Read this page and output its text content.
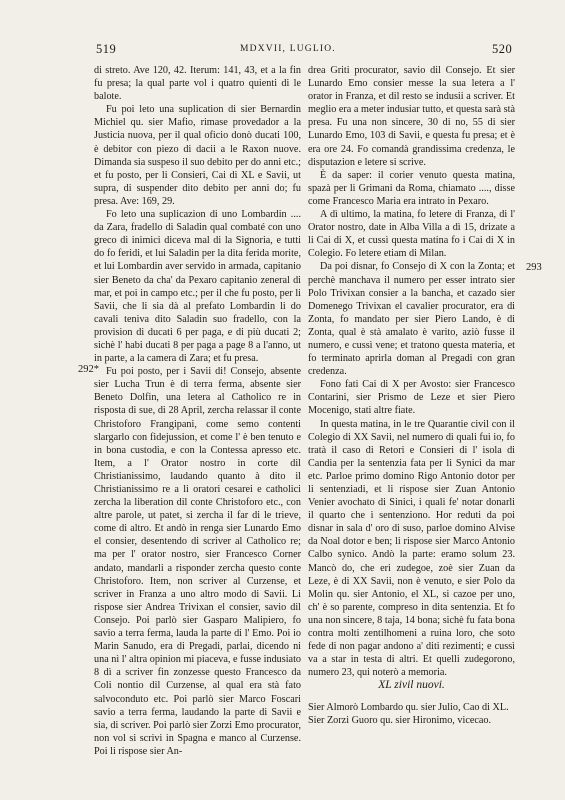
519	MDXVII, LUGLIO.	520
292*
293

di streto. Ave 120, 42. Iterum: 141, 43, et a la fin fu presa; la qual parte vol i quatro quienti di le balote.

Fu poi leto una suplication di sier Bernardin Michiel qu. sier Mafio, rimase provedador a la Justicia nuova, per il qual oficio donò ducati 100, è debitor con piezo di dacii a le Raxon nuove. Dimanda sia suspeso il suo debito per do anni etc.; et fu posto, per li Consieri, Cai di XL e Savii, ut supra, di suspender dito debito per anni do; fu presa. Ave: 169, 29.

Fo leto una suplicazion di uno Lombardin .... da Zara, fradello di Saladin qual combaté con uno greco di inimici diceva mal di la Signoria, e tutti do fo feridi, et lui Saladin per la dita ferida morite, et lui Lombardin aver servido in armada, capitanio sier Beneto da cha' da Pexaro capitanio zeneral di mar, et poi in campo etc.; per il che fu posto, per li Savii, che li sia dà al prefato Lombardin li do cavali teniva dito Saladin suo fradello, con la provision di ducati 6 per paga, e di più ducati 2; sichè l' habi ducati 8 per paga a page 8 a l'anno, ut in parte, a la camera di Zara; et fu presa.

Fu poi posto, per i Savii di! Consejo, absente sier Lucha Trun è di terra ferma, absente sier Beneto Dolfin, una letera al Catholico re in risposta di sue, di 28 April, zercha relassar il conte Christoforo Frangipani, come semo contenti slargarlo con fidejussion, et come l' è ben tenuto e in bona custodia, e con la Contessa apresso etc. Item, a l' Orator nostro in corte dil Christianissimo, laudando quanto à dito il Christianissimo re a li oratori cesarei e catholici zercha la liberation dil conte Christoforo etc., con altre parole, ut patet, si zercha il far di le trieve, come di altro. Et andò in renga sier Lunardo Emo el consier, desentendo di scriver al Catholico re; ma per l' orator nostro, sier Francesco Corner andato, mandarli a risponder zercha questo conte Christoforo. Item, non scriver al Curzense, et scriver in Franza a uno altro modo di Savii. Li rispose sier Andrea Trivixan el consier, savio dil Consejo. Poi parlò sier Gasparo Malipiero, fo savio a terra ferma, lauda la parte di l' Emo. Poi io Marin Sanudo, era di Pregadi, parlai, dicendo ni una nì l' altra opinion mi piaceva, e fusse indusiato 8 dì a scriver fin zonzesse questo Francesco da Coli nontio dil Curzense, al qual era stà fato salvoconduto etc. Poi parlò sier Marco Foscari savio a terra ferma, laudando la parte di Savii e sia, di scriver. Poi parlò sier Zorzi Emo procurator, non vol si scrivi in Spagna e manco al Curzense. Poi li rispose sier An-

drea Griti procurator, savio dil Consejo. Et sier Lunardo Emo consier messe la sua letera a l' orator in Franza, et dil resto se indusii a scriver. Et meglio era a meter indusiar tutto, et questa sarà stà presa. Fu una non sincere, 30 di no, 55 di sier Lunardo Emo, 103 di Savii, e questa fu presa; et è era ore 24. Fo comandà grandissima credenza, le disputazion e letere si scrive.

È da saper: il corier venuto questa matina, spazà per li Grimani da Roma, chiamato ...., disse come Francesco Maria era intrato in Pexaro.

A dì ultimo, la matina, fo letere di Franza, di l' Orator nostro, date in Alba Villa a dì 15, drizate a li Cai di X, et cussì questa matina fo i Cai di X in Colegio. Fo letere etiam di Milan.

Da poi disnar, fo Consejo di X con la Zonta; et perchè manchava il numero per esser intrato sier Polo Trivixan consier a la bancha, et cazado sier Domenego Trivixan el cavalier procurator, era di Zonta, fo mandato per sier Piero Lando, è di Zonta, qual è stà amalato è varito, aziò fusse il numero, e cussì vene; et tratono questa materia, et fo terminato aprirla doman al Pregadi con gran credenza.

Fono fati Cai di X per Avosto: sier Francesco Contarini, sier Prismo de Leze et sier Piero Mocenigo, stati altre fiate.

In questa matina, in le tre Quarantie civil con il Colegio di XX Savii, nel numero di quali fui io, fo tratà il caso di Retori e Consieri di l' isola di Candia per la sentenzia fata per li Synici da mar etc. Parloe primo domino Rigo Antonio dotor per li sentenziadi, et li rispose sier Zuan Antonio Venier avochato di Sinici, i quali fe' notar donarli il quarto che i sentenziono. Hor reduti da poi disnar in sala d' oro di suso, parloe domino Alvise da Noal dotor e ben; li rispose sier Marco Antonio Calbo synico. Andò la parte: eramo solum 23. Mancò do, che eri zudegoe, zoè sier Zuan da Leze, è di XX Savii, non è venuto, e sier Polo da Molin qu. sier Antonio, el XL, si cazoe per uno, ch' è so parente, compreso in dita sentenzia. Et fo una non sincere, 8 taja, 14 bona; sichè fu fata bona contra molti zentilhomeni a ruina loro, che soto fede di non pagar andono a' diti rezimenti; e cussì va a star in testa di altri. Et quelli zudegorono, numero 23, qui noterò a memoria.

XL zivil nuovi.

Sier Almorò Lombardo qu. sier Julio, Cao di XL.

Sier Zorzi Guoro qu. sier Hironimo, vicecao.
